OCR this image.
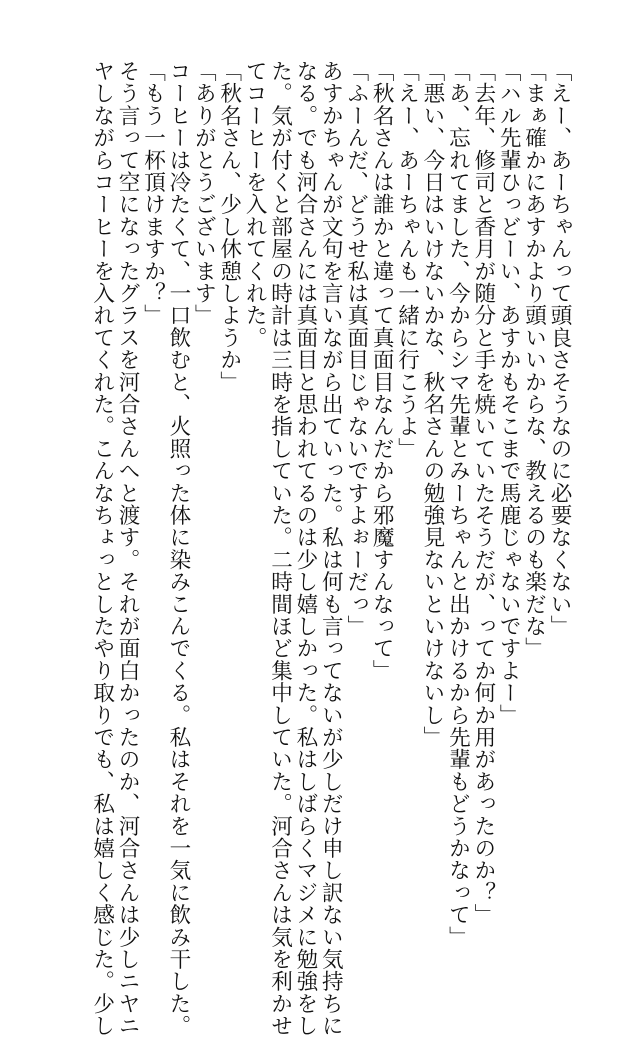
「えー、あーちゃんって頭良さそうなのに必要なくない」
「まぁ確かにあすかより頭いいからな、教えるのも楽だな」
「ハル先輩ひっどーい、あすかもそこまで馬鹿じゃないですよー」
「去年、修司と香月が随分と手を焼いていたそうだが、ってか何か用があったのか？」
「あ、忘れてました、今からシマ先輩とみーちゃんと出かけるから先輩もどうかなって」
「悪い、今日はいけないかな、秋名さんの勉強見ないといけないし」
「えー、あーちゃんも一緒に行こうよ」
「秋名さんは誰かと違って真面目なんだから邪魔すんなって」
「ふーんだ、どうせ私は真面目じゃないですよぉーだっ」
あすかちゃんが文句を言いながら出ていった。私は何も言ってないが少しだけ申し訳ない気持ちに
なる。でも河合さんには真面目と思われてるのは少し嬉しかった。私はしばらくマジメに勉強をし
た。気が付くと部屋の時計は三時を指していた。二時間ほど集中していた。河合さんは気を利かせ
てコーヒーを入れてくれた。
「秋名さん、少し休憩しようか」
「ありがとうございます」
コーヒーは冷たくて、一口飲むと、火照った体に染みこんでくる。私はそれを一気に飲み干した。
「もう一杯頂けますか？」
そう言って空になったグラスを河合さんへと渡す。それが面白かったのか、河合さんは少しニヤニ
ヤしながらコーヒーを入れてくれた。こんなちょっとしたやり取りでも、私は嬉しく感じた。少し
